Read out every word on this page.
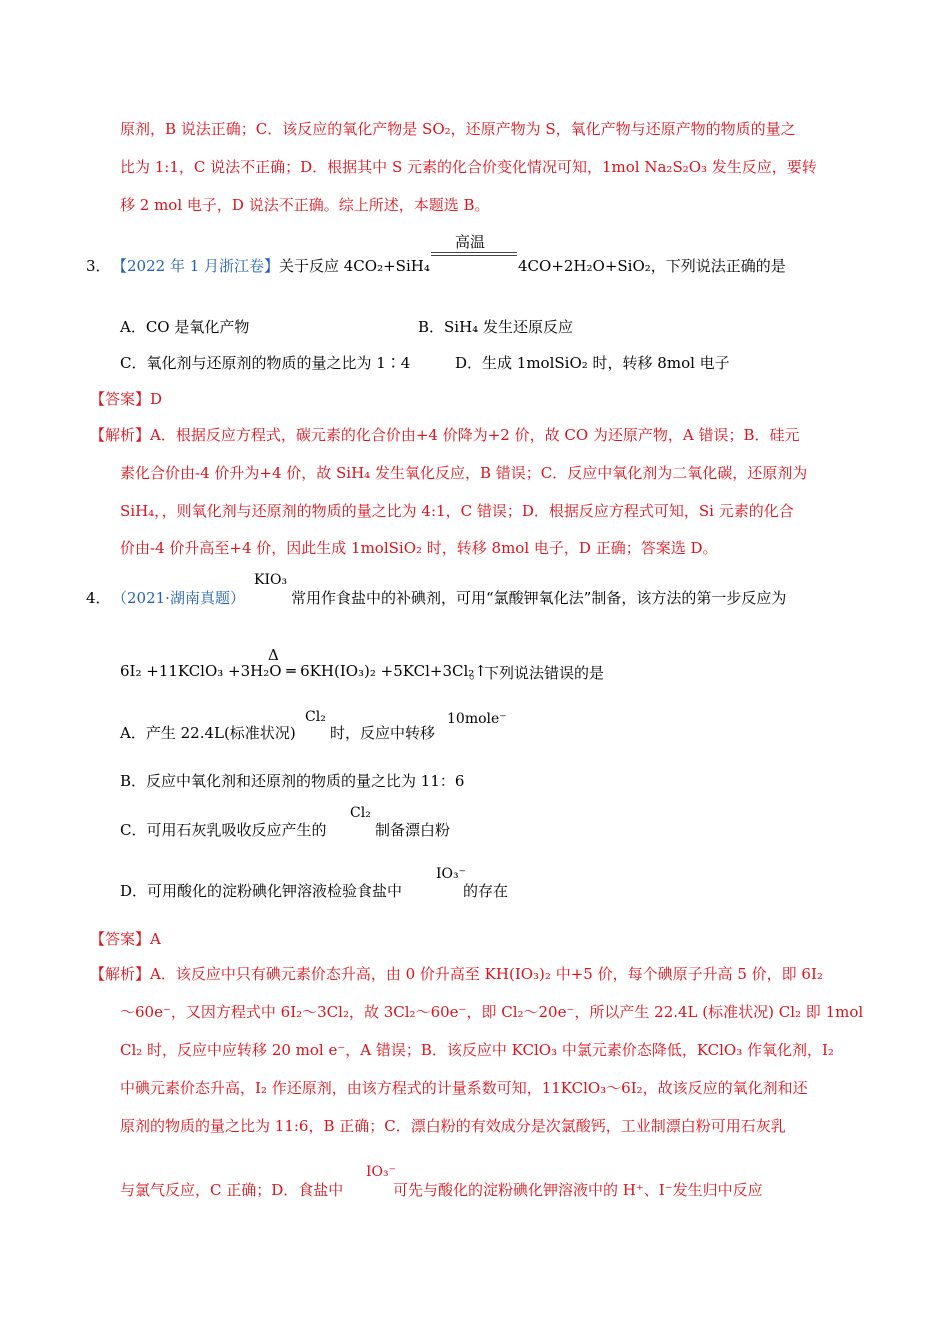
原剂，B 说法正确；C．该反应的氧化产物是 SO₂，还原产物为 S，氧化产物与还原产物的物质的量之
比为 1:1，C 说法不正确；D．根据其中 S 元素的化合价变化情况可知，1mol Na₂S₂O₃ 发生反应，要转
移 2 mol 电子，D 说法不正确。综上所述，本题选 B。
3． 【2022 年 1 月浙江卷】 关于反应 4CO₂+SiH₄
高温
4CO+2H₂O+SiO₂，下列说法正确的是
A．CO 是氧化产物	B．SiH₄ 发生还原反应
C．氧化剂与还原剂的物质的量之比为 1∶4	D．生成 1molSiO₂ 时，转移 8mol 电子
【答案】D
【解析】 A．根据反应方程式，碳元素的化合价由+4 价降为+2 价，故 CO 为还原产物，A 错误；B．硅元
素化合价由-4 价升为+4 价，故 SiH₄ 发生氧化反应，B 错误；C．反应中氧化剂为二氧化碳，还原剂为
SiH₄，，则氧化剂与还原剂的物质的量之比为 4:1，C 错误；D．根据反应方程式可知，Si 元素的化合
价由-4 价升高至+4 价，因此生成 1molSiO₂ 时，转移 8mol 电子，D 正确；答案选 D。
4． （2021·湖南真题）
KIO₃
常用作食盐中的补碘剂，可用“氯酸钾氧化法”制备，该方法的第一步反应为
Δ
6I₂ +11KClO₃ +3H₂O ═ 6KH(IO₃)₂ +5KCl+3Cl₂↑
。下列说法错误的是
A．产生 22.4L(标准状况)
Cl₂
时，反应中转移
10mole⁻
B．反应中氧化剂和还原剂的物质的量之比为 11：6
C．可用石灰乳吸收反应产生的
Cl₂
制备漂白粉
D．可用酸化的淀粉碘化钾溶液检验食盐中
IO₃⁻
的存在
【答案】A
【解析】 A．该反应中只有碘元素价态升高，由 0 价升高至 KH(IO₃)₂ 中+5 价，每个碘原子升高 5 价，即 6I₂
～60e⁻，又因方程式中 6I₂～3Cl₂，故 3Cl₂～60e⁻，即 Cl₂～20e⁻，所以产生 22.4L (标准状况) Cl₂ 即 1mol
Cl₂ 时，反应中应转移 20 mol e⁻，A 错误；B．该反应中 KClO₃ 中氯元素价态降低，KClO₃ 作氧化剂，I₂
中碘元素价态升高，I₂ 作还原剂，由该方程式的计量系数可知，11KClO₃～6I₂，故该反应的氧化剂和还
原剂的物质的量之比为 11:6，B 正确；C．漂白粉的有效成分是次氯酸钙，工业制漂白粉可用石灰乳
与氯气反应，C 正确；D．食盐中
IO₃⁻
可先与酸化的淀粉碘化钾溶液中的 H⁺、I⁻发生归中反应
